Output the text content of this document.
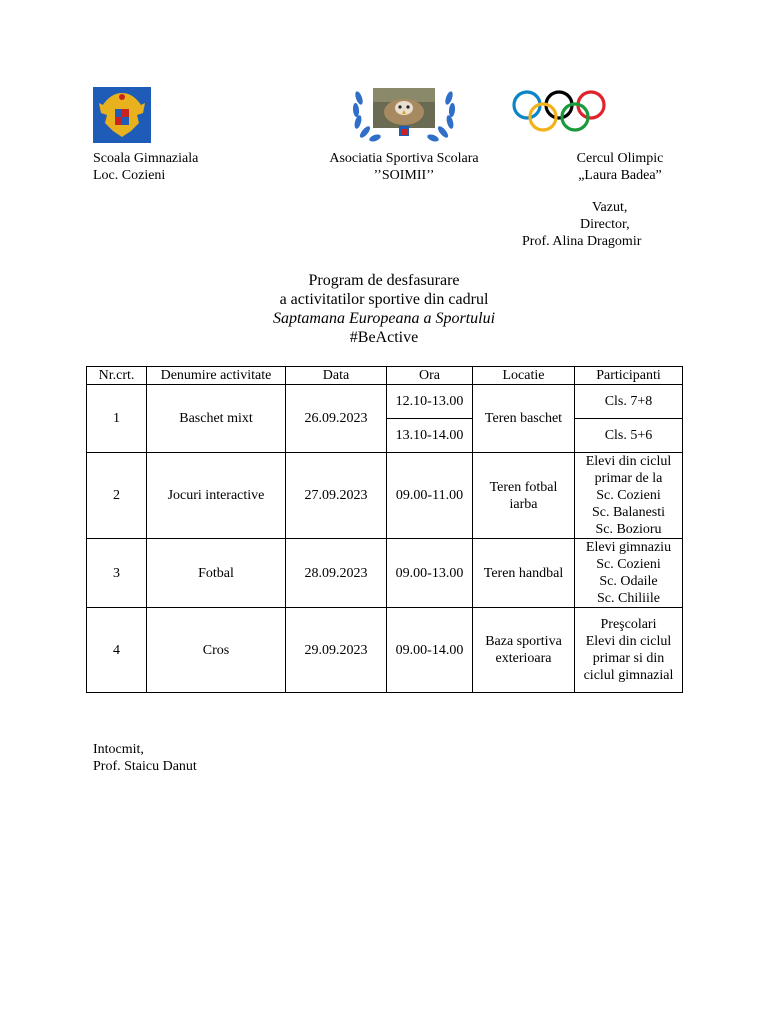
Scoala Gimnaziala
Loc. Cozieni
Asociatia Sportiva Scolara
’’SOIMII’’
Cercul Olimpic
„Laura Badea”
Vazut,
Director,
Prof. Alina Dragomir
Program de desfasurare
a activitatilor sportive din cadrul
Saptamana Europeana a Sportului
#BeActive
Nr.crt.	Denumire activitate	Data	Ora	Locatie	Participanti
1	Baschet mixt	26.09.2023	12.10-13.00	Teren baschet	Cls. 7+8
			13.10-14.00		Cls. 5+6
2	Jocuri interactive	27.09.2023	09.00-11.00	Teren fotbal iarba	Elevi din ciclul primar de la
Sc. Cozieni
Sc. Balanesti
Sc. Bozioru

3	Fotbal	28.09.2023	09.00-13.00	Teren handbal	Elevi gimnaziu
Sc. Cozieni
Sc. Odaile
Sc. Chiliile

4	Cros	29.09.2023	09.00-14.00	Baza sportiva exterioara	Preşcolari
Elevi din ciclul primar si din ciclul gimnazial
Intocmit,
Prof. Staicu Danut
